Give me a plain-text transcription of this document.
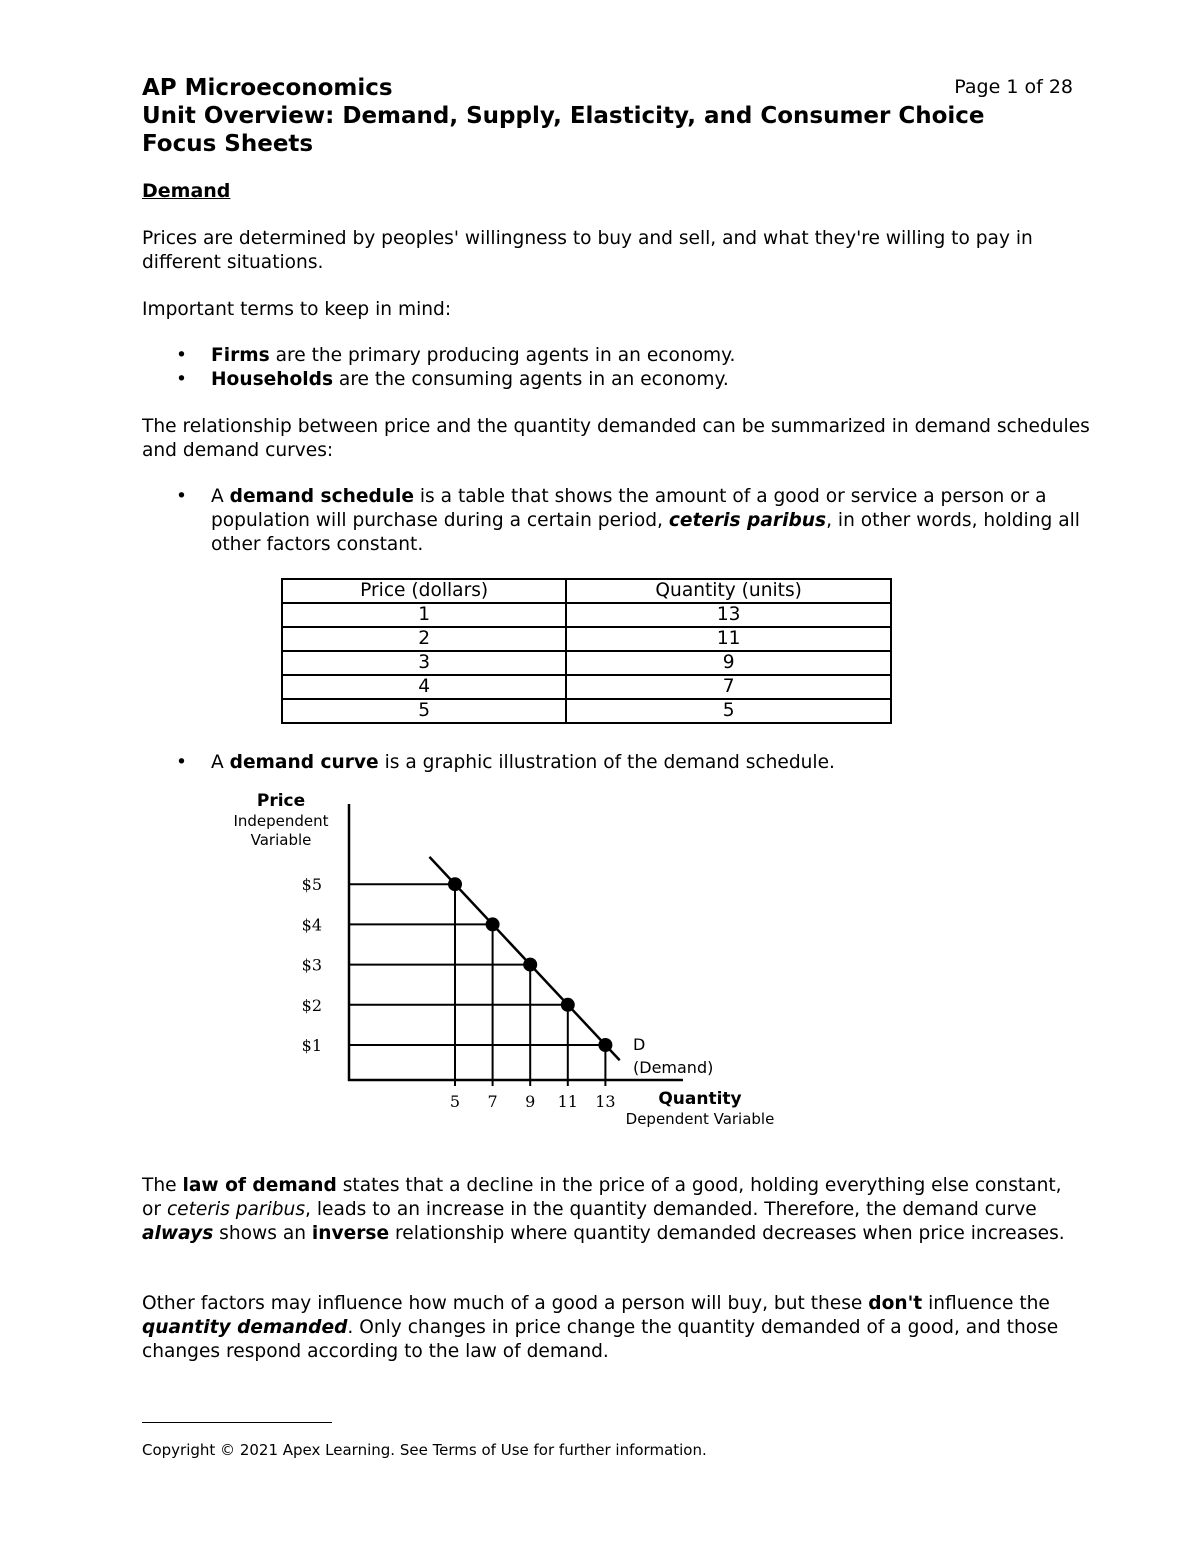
AP Microeconomics	Page 1 of 28
Unit Overview: Demand, Supply, Elasticity, and Consumer Choice
Focus Sheets
Demand
Prices are determined by peoples' willingness to buy and sell, and what they're willing to pay in different situations.
Important terms to keep in mind:
• Firms are the primary producing agents in an economy.
• Households are the consuming agents in an economy.
The relationship between price and the quantity demanded can be summarized in demand schedules and demand curves:
• A demand schedule is a table that shows the amount of a good or service a person or a population will purchase during a certain period, ceteris paribus, in other words, holding all other factors constant.
Price (dollars)	Quantity (units)
1	13
2	11
3	9
4	7
5	5
• A demand curve is a graphic illustration of the demand schedule.
$5
$4
$3
$2
$1
5 7 9 11 13
Price
Independent
Variable
Quantity
Dependent Variable
D
(Demand)
The law of demand states that a decline in the price of a good, holding everything else constant, or ceteris paribus, leads to an increase in the quantity demanded. Therefore, the demand curve always shows an inverse relationship where quantity demanded decreases when price increases.
Other factors may influence how much of a good a person will buy, but these don't influence the quantity demanded. Only changes in price change the quantity demanded of a good, and those changes respond according to the law of demand.
Copyright © 2021 Apex Learning. See Terms of Use for further information.
